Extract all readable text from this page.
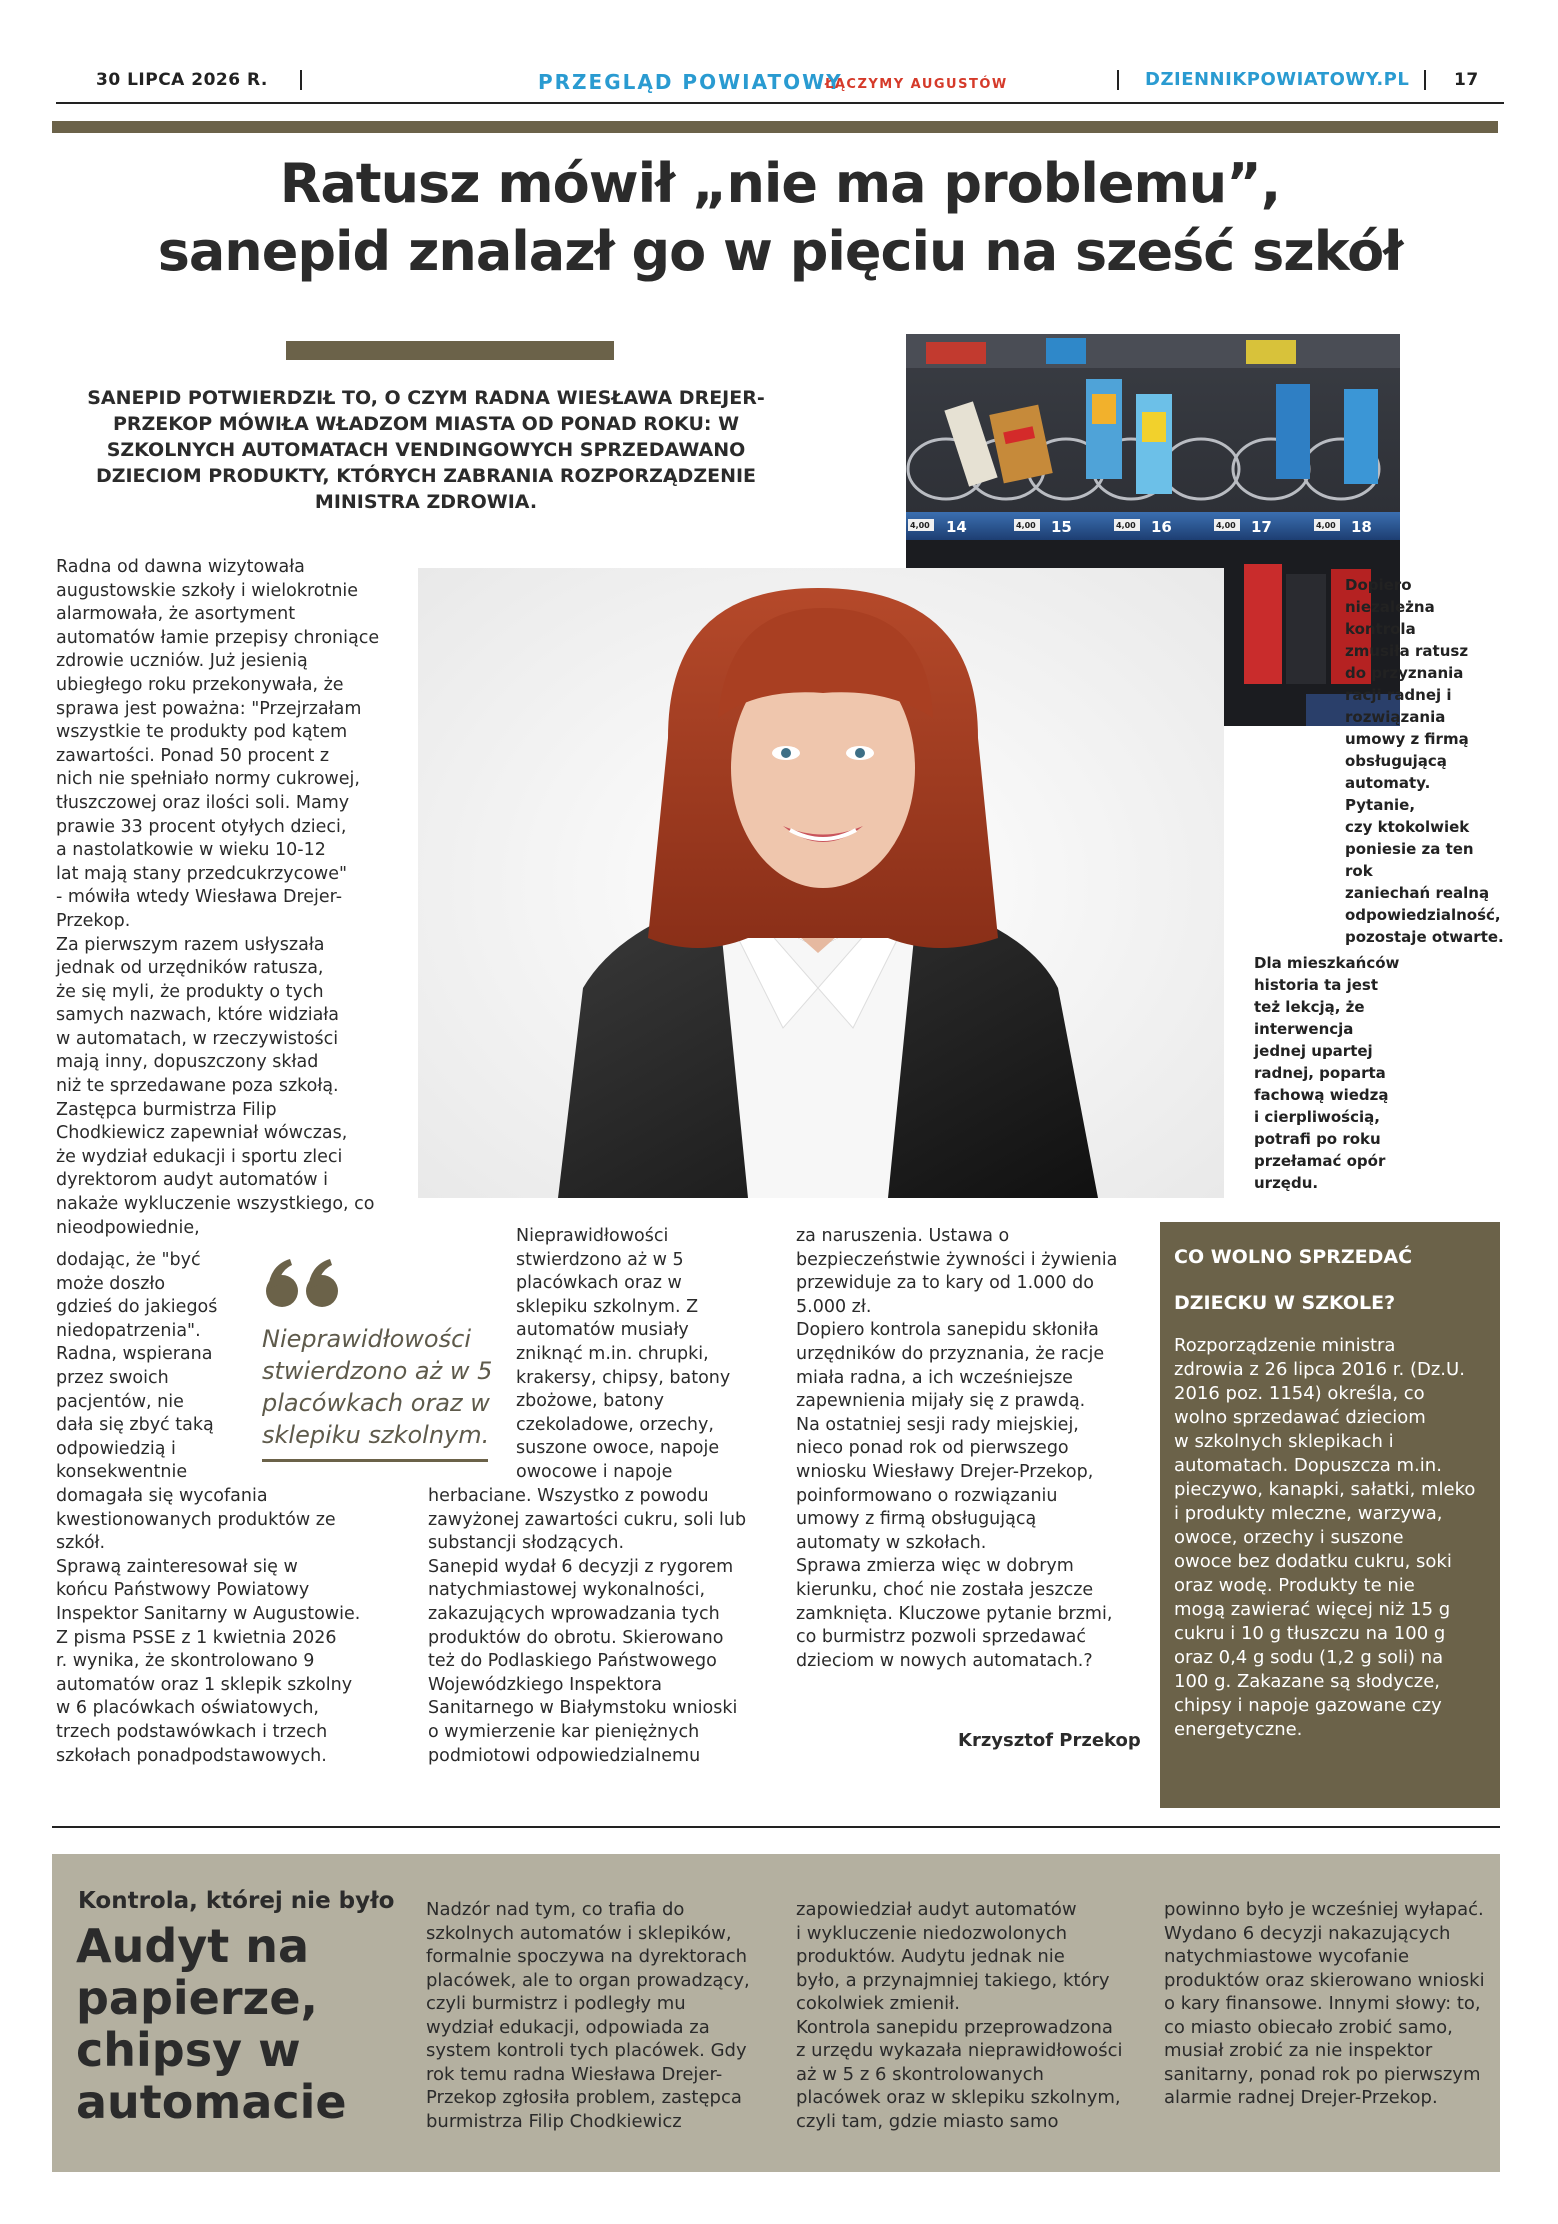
30 LIPCA 2026 R.	PRZEGLĄD POWIATOWY
ŁĄCZYMY AUGUSTÓW	DZIENNIKPOWIATOWY.PL	17
Ratusz mówił „nie ma problemu”,
sanepid znalazł go w pięciu na sześć szkół
SANEPID POTWIERDZIŁ TO, O CZYM RADNA WIESŁAWA DREJER-PRZEKOP MÓWIŁA WŁADZOM MIASTA OD PONAD ROKU: W SZKOLNYCH AUTOMATACH VENDINGOWYCH SPRZEDAWANO DZIECIOM PRODUKTY, KTÓRYCH ZABRANIA ROZPORZĄDZENIE MINISTRA ZDROWIA.
14	15	16	17	18
4,00	4,00	4,00	4,00	4,00
Dopiero niezależna
kontrola
zmusiła ratusz
do przyznania
racji radnej i
rozwiązania
umowy z firmą
obsługującą
automaty. Pytanie,
czy ktokolwiek
poniesie za ten rok
zaniechań realną
odpowiedzialność,
pozostaje otwarte.
Dla mieszkańców
historia ta jest
też lekcją, że
interwencja
jednej upartej
radnej, poparta
fachową wiedzą
i cierpliwością,
potrafi po roku
przełamać opór
urzędu.
Radna od dawna wizytowała
augustowskie szkoły i wielokrotnie
alarmowała, że asortyment
automatów łamie przepisy chroniące
zdrowie uczniów. Już jesienią
ubiegłego roku przekonywała, że
sprawa jest poważna: "Przejrzałam
wszystkie te produkty pod kątem
zawartości. Ponad 50 procent z
nich nie spełniało normy cukrowej,
tłuszczowej oraz ilości soli. Mamy
prawie 33 procent otyłych dzieci,
a nastolatkowie w wieku 10-12
lat mają stany przedcukrzycowe"
- mówiła wtedy Wiesława Drejer-
Przekop.
Za pierwszym razem usłyszała
jednak od urzędników ratusza,
że się myli, że produkty o tych
samych nazwach, które widziała
w automatach, w rzeczywistości
mają inny, dopuszczony skład
niż te sprzedawane poza szkołą.
Zastępca burmistrza Filip
Chodkiewicz zapewniał wówczas,
że wydział edukacji i sportu zleci
dyrektorom audyt automatów i
nakaże wykluczenie wszystkiego, co
nieodpowiednie,
dodając, że "być
może doszło
gdzieś do jakiegoś
niedopatrzenia".
Radna, wspierana
przez swoich
pacjentów, nie
dała się zbyć taką
odpowiedzią i
konsekwentnie
domagała się wycofania
kwestionowanych produktów ze
szkół.
Sprawą zainteresował się w
końcu Państwowy Powiatowy
Inspektor Sanitarny w Augustowie.
Z pisma PSSE z 1 kwietnia 2026
r. wynika, że skontrolowano 9
automatów oraz 1 sklepik szkolny
w 6 placówkach oświatowych,
trzech podstawówkach i trzech
szkołach ponadpodstawowych.
Nieprawidłowości
stwierdzono aż w 5
placówkach oraz w
sklepiku szkolnym.
Nieprawidłowości
stwierdzono aż w 5
placówkach oraz w
sklepiku szkolnym. Z
automatów musiały
zniknąć m.in. chrupki,
krakersy, chipsy, batony
zbożowe, batony
czekoladowe, orzechy,
suszone owoce, napoje
owocowe i napoje
herbaciane. Wszystko z powodu
zawyżonej zawartości cukru, soli lub
substancji słodzących.
Sanepid wydał 6 decyzji z rygorem
natychmiastowej wykonalności,
zakazujących wprowadzania tych
produktów do obrotu. Skierowano
też do Podlaskiego Państwowego
Wojewódzkiego Inspektora
Sanitarnego w Białymstoku wnioski
o wymierzenie kar pieniężnych
podmiotowi odpowiedzialnemu
za naruszenia. Ustawa o
bezpieczeństwie żywności i żywienia
przewiduje za to kary od 1.000 do
5.000 zł.
Dopiero kontrola sanepidu skłoniła
urzędników do przyznania, że racje
miała radna, a ich wcześniejsze
zapewnienia mijały się z prawdą.
Na ostatniej sesji rady miejskiej,
nieco ponad rok od pierwszego
wniosku Wiesławy Drejer-Przekop,
poinformowano o rozwiązaniu
umowy z firmą obsługującą
automaty w szkołach.
Sprawa zmierza więc w dobrym
kierunku, choć nie została jeszcze
zamknięta. Kluczowe pytanie brzmi,
co burmistrz pozwoli sprzedawać
dzieciom w nowych automatach.?
Krzysztof Przekop
CO WOLNO SPRZEDAĆ
DZIECKU W SZKOLE?
Rozporządzenie ministra
zdrowia z 26 lipca 2016 r. (Dz.U.
2016 poz. 1154) określa, co
wolno sprzedawać dzieciom
w szkolnych sklepikach i
automatach. Dopuszcza m.in.
pieczywo, kanapki, sałatki, mleko
i produkty mleczne, warzywa,
owoce, orzechy i suszone
owoce bez dodatku cukru, soki
oraz wodę. Produkty te nie
mogą zawierać więcej niż 15 g
cukru i 10 g tłuszczu na 100 g
oraz 0,4 g sodu (1,2 g soli) na
100 g. Zakazane są słodycze,
chipsy i napoje gazowane czy
energetyczne.
Kontrola, której nie było
Audyt na
papierze,
chipsy w
automacie
Nadzór nad tym, co trafia do
szkolnych automatów i sklepików,
formalnie spoczywa na dyrektorach
placówek, ale to organ prowadzący,
czyli burmistrz i podległy mu
wydział edukacji, odpowiada za
system kontroli tych placówek. Gdy
rok temu radna Wiesława Drejer-
Przekop zgłosiła problem, zastępca
burmistrza Filip Chodkiewicz
zapowiedział audyt automatów
i wykluczenie niedozwolonych
produktów. Audytu jednak nie
było, a przynajmniej takiego, który
cokolwiek zmienił.
Kontrola sanepidu przeprowadzona
z urzędu wykazała nieprawidłowości
aż w 5 z 6 skontrolowanych
placówek oraz w sklepiku szkolnym,
czyli tam, gdzie miasto samo
powinno było je wcześniej wyłapać.
Wydano 6 decyzji nakazujących
natychmiastowe wycofanie
produktów oraz skierowano wnioski
o kary finansowe. Innymi słowy: to,
co miasto obiecało zrobić samo,
musiał zrobić za nie inspektor
sanitarny, ponad rok po pierwszym
alarmie radnej Drejer-Przekop.
